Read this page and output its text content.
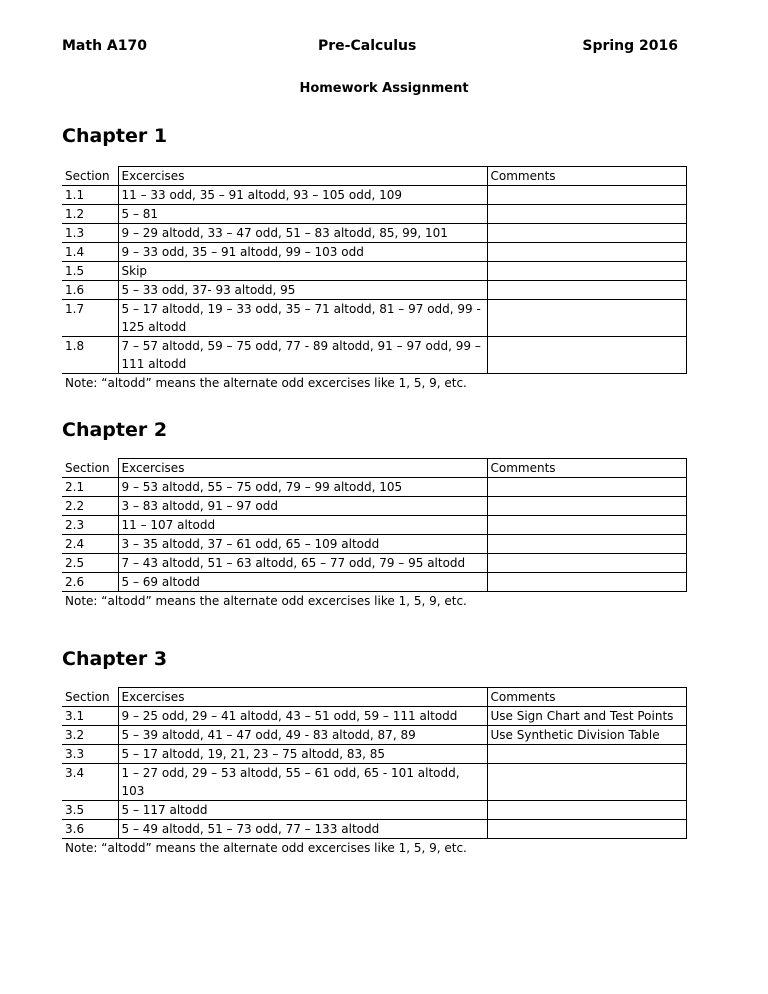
Math A170	Pre-Calculus	Spring 2016
Homework Assignment
Chapter 1
Section	Excercises	Comments
1.1	11 – 33 odd, 35 – 91 altodd, 93 – 105 odd, 109	
1.2	5 – 81	
1.3	9 – 29 altodd, 33 – 47 odd, 51 – 83 altodd, 85, 99, 101	
1.4	9 – 33 odd, 35 – 91 altodd, 99 – 103 odd	
1.5	Skip	
1.6	5 – 33 odd, 37- 93 altodd, 95	
1.7	5 – 17 altodd, 19 – 33 odd, 35 – 71 altodd, 81 – 97 odd, 99 - 125 altodd	
1.8	7 – 57 altodd, 59 – 75 odd, 77 - 89 altodd, 91 – 97 odd, 99 – 111 altodd	
Note: “altodd” means the alternate odd excercises like 1, 5, 9, etc.		
Chapter 2
Section	Excercises	Comments
2.1	9 – 53 altodd, 55 – 75 odd, 79 – 99 altodd, 105	
2.2	3 – 83 altodd, 91 – 97 odd	
2.3	11 – 107 altodd	
2.4	3 – 35 altodd, 37 – 61 odd, 65 – 109 altodd	
2.5	7 – 43 altodd, 51 – 63 altodd, 65 – 77 odd, 79 – 95 altodd	
2.6	5 – 69 altodd	
Note: “altodd” means the alternate odd excercises like 1, 5, 9, etc.		
Chapter 3
Section	Excercises	Comments
3.1	9 – 25 odd, 29 – 41 altodd, 43 – 51 odd, 59 – 111 altodd	Use Sign Chart and Test Points
3.2	5 – 39 altodd, 41 – 47 odd, 49 - 83 altodd, 87, 89	Use Synthetic Division Table
3.3	5 – 17 altodd, 19, 21, 23 – 75 altodd, 83, 85	
3.4	1 – 27 odd, 29 – 53 altodd, 55 – 61 odd, 65 - 101 altodd, 103	
3.5	5 – 117 altodd	
3.6	5 – 49 altodd, 51 – 73 odd, 77 – 133 altodd	
Note: “altodd” means the alternate odd excercises like 1, 5, 9, etc.		
